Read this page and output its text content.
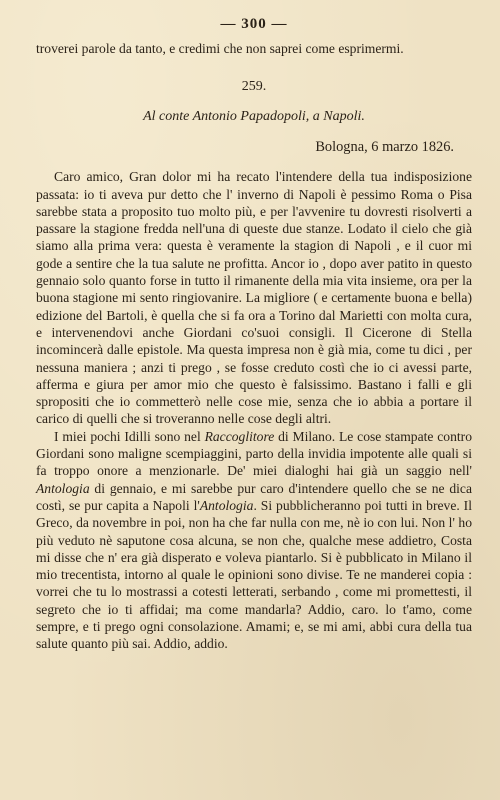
— 300 —
troverei parole da tanto, e credimi che non saprei come esprimermi.
259.
Al conte Antonio Papadopoli, a Napoli.
Bologna, 6 marzo 1826.

Caro amico, Gran dolor mi ha recato l'intendere della tua indisposizione passata: io ti aveva pur detto che l' inverno di Napoli è pessimo Roma o Pisa sarebbe stata a proposito tuo molto più, e per l'avvenire tu dovresti risolverti a passare la stagione fredda nell'una di queste due stanze. Lodato il cielo che già siamo alla prima vera: questa è veramente la stagion di Napoli , e il cuor mi gode a sentire che la tua salute ne profitta. Ancor io , dopo aver patito in questo gennaio solo quanto forse in tutto il rimanente della mia vita insieme, ora per la buona stagione mi sento ringiovanire. La migliore ( e certamente buona e bella) edizione del Bartoli, è quella che si fa ora a Torino dal Marietti con molta cura, e intervenendovi anche Giordani co'suoi consigli. Il Cicerone di Stella incomincerà dalle epistole. Ma questa impresa non è già mia, come tu dici , per nessuna maniera ; anzi ti prego , se fosse creduto costì che io ci avessi parte, afferma e giura per amor mio che questo è falsissimo. Bastano i falli e gli spropositi che io commetterò nelle cose mie, senza che io abbia a portare il carico di quelli che si troveranno nelle cose degli altri.

I miei pochi Idilli sono nel Raccoglitore di Milano. Le cose stampate contro Giordani sono maligne scempiaggini, parto della invidia impotente alle quali si fa troppo onore a menzionarle. De' miei dialoghi hai già un saggio nell' Antologia di gennaio, e mi sarebbe pur caro d'intendere quello che se ne dica costì, se pur capita a Napoli l'Antologia. Si pubblicheranno poi tutti in breve. Il Greco, da novembre in poi, non ha che far nulla con me, nè io con lui. Non l' ho più veduto nè saputone cosa alcuna, se non che, qualche mese addietro, Costa mi disse che n' era già disperato e voleva piantarlo. Si è pubblicato in Milano il mio trecentista, intorno al quale le opinioni sono divise. Te ne manderei copia : vorrei che tu lo mostrassi a cotesti letterati, serbando , come mi promettesti, il segreto che io ti affidai; ma come mandarla? Addio, caro. lo t'amo, come sempre, e ti prego ogni consolazione. Amami; e, se mi ami, abbi cura della tua salute quanto più sai. Addio, addio.
